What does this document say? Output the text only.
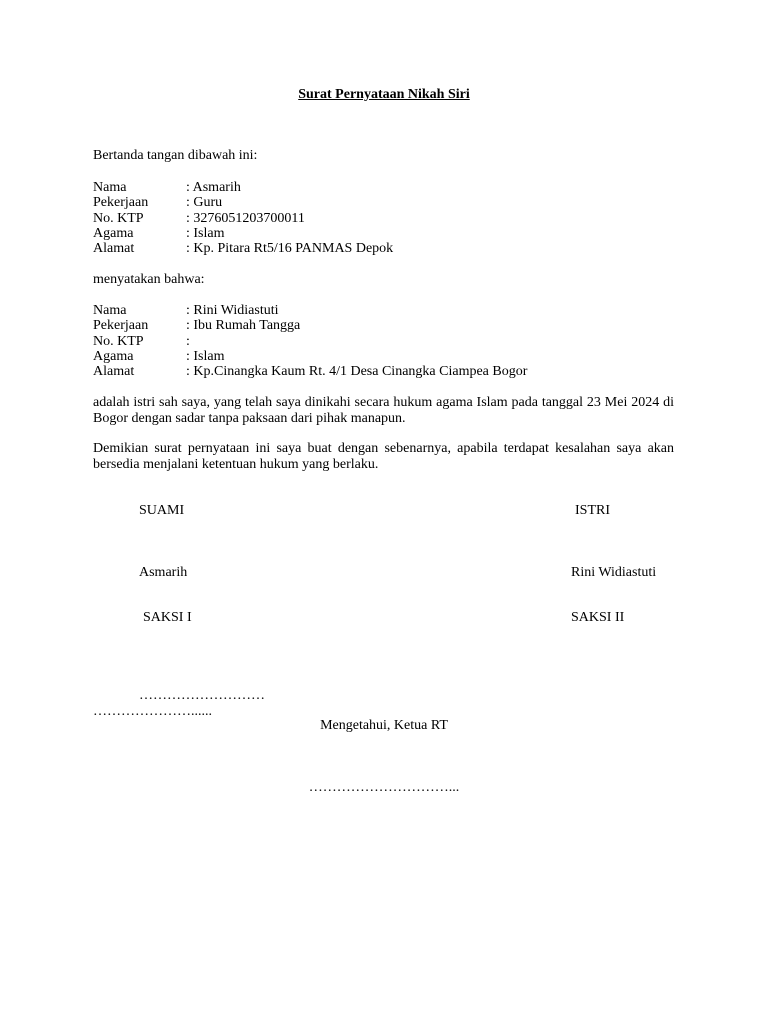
Surat Pernyataan Nikah Siri
Bertanda tangan dibawah ini:
Nama	: Asmarih
Pekerjaan	: Guru
No. KTP	: 3276051203700011
Agama	: Islam
Alamat	: Kp. Pitara Rt5/16 PANMAS Depok
menyatakan bahwa:
Nama	: Rini Widiastuti
Pekerjaan	: Ibu Rumah Tangga
No. KTP	:
Agama	: Islam
Alamat	: Kp.Cinangka Kaum Rt. 4/1 Desa Cinangka Ciampea Bogor
adalah istri sah saya, yang telah saya dinikahi secara hukum agama Islam pada tanggal 23 Mei 2024 di Bogor dengan sadar tanpa paksaan dari pihak manapun.
Demikian surat pernyataan ini saya buat dengan sebenarnya, apabila terdapat kesalahan saya akan bersedia menjalani ketentuan hukum yang berlaku.
SUAMI	ISTRI
Asmarih	Rini Widiastuti
SAKSI I	SAKSI II
………………………
…………………......
Mengetahui, Ketua RT
…………………………...
